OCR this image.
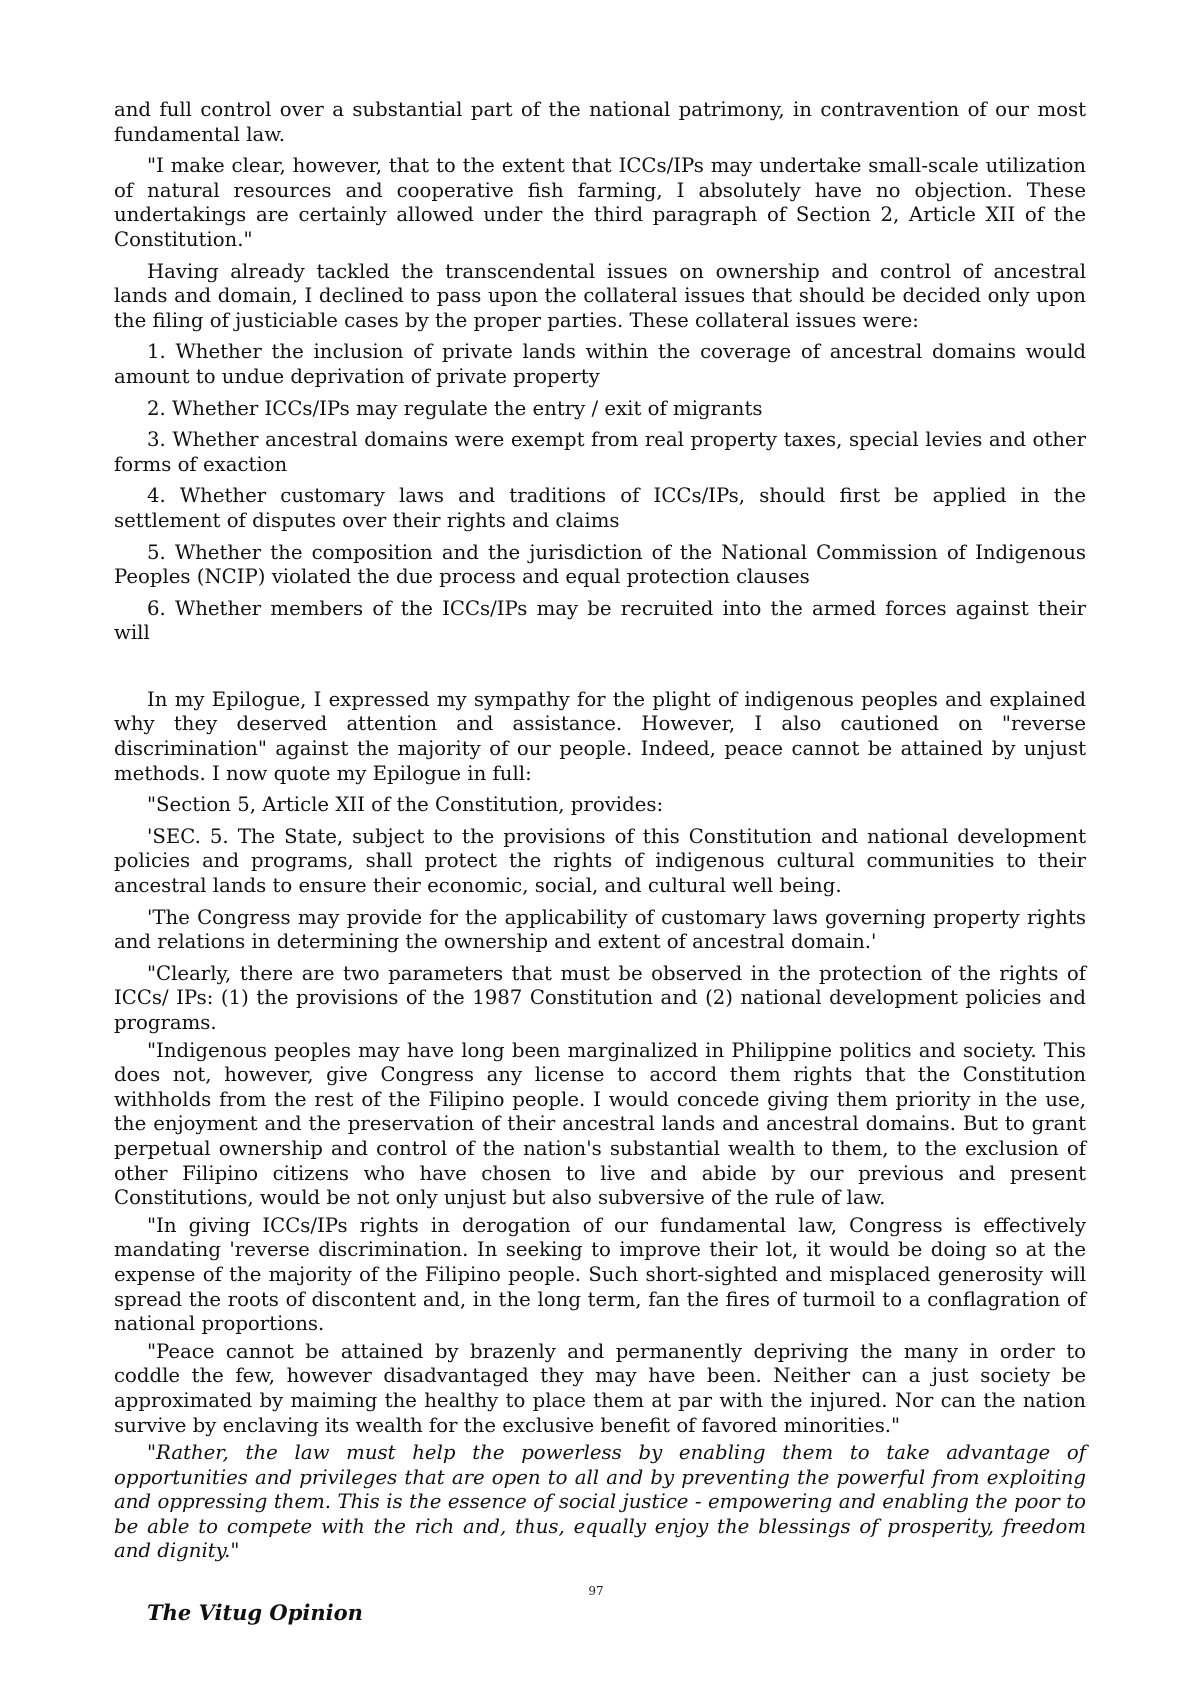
and full control over a substantial part of the national patrimony, in contravention of our most fundamental law.

"I make clear, however, that to the extent that ICCs/IPs may undertake small-scale utilization of natural resources and cooperative fish farming, I absolutely have no objection. These undertakings are certainly allowed under the third paragraph of Section 2, Article XII of the Constitution."

Having already tackled the transcendental issues on ownership and control of ancestral lands and domain, I declined to pass upon the collateral issues that should be decided only upon the filing of justiciable cases by the proper parties. These collateral issues were:

1. Whether the inclusion of private lands within the coverage of ancestral domains would amount to undue deprivation of private property

2. Whether ICCs/IPs may regulate the entry / exit of migrants

3. Whether ancestral domains were exempt from real property taxes, special levies and other forms of exaction

4. Whether customary laws and traditions of ICCs/IPs, should first be applied in the settlement of disputes over their rights and claims

5. Whether the composition and the jurisdiction of the National Commission of Indigenous Peoples (NCIP) violated the due process and equal protection clauses

6. Whether members of the ICCs/IPs may be recruited into the armed forces against their will

In my Epilogue, I expressed my sympathy for the plight of indigenous peoples and explained why they deserved attention and assistance. However, I also cautioned on "reverse discrimination" against the majority of our people. Indeed, peace cannot be attained by unjust methods. I now quote my Epilogue in full:

"Section 5, Article XII of the Constitution, provides:

'SEC. 5. The State, subject to the provisions of this Constitution and national development policies and programs, shall protect the rights of indigenous cultural communities to their ancestral lands to ensure their economic, social, and cultural well being.

'The Congress may provide for the applicability of customary laws governing property rights and relations in determining the ownership and extent of ancestral domain.'

"Clearly, there are two parameters that must be observed in the protection of the rights of ICCs/ IPs: (1) the provisions of the 1987 Constitution and (2) national development policies and programs.

"Indigenous peoples may have long been marginalized in Philippine politics and society. This does not, however, give Congress any license to accord them rights that the Constitution withholds from the rest of the Filipino people. I would concede giving them priority in the use, the enjoyment and the preservation of their ancestral lands and ancestral domains. But to grant perpetual ownership and control of the nation's substantial wealth to them, to the exclusion of other Filipino citizens who have chosen to live and abide by our previous and present Constitutions, would be not only unjust but also subversive of the rule of law.

"In giving ICCs/IPs rights in derogation of our fundamental law, Congress is effectively mandating 'reverse discrimination. In seeking to improve their lot, it would be doing so at the expense of the majority of the Filipino people. Such short-sighted and misplaced generosity will spread the roots of discontent and, in the long term, fan the fires of turmoil to a conflagration of national proportions.

"Peace cannot be attained by brazenly and permanently depriving the many in order to coddle the few, however disadvantaged they may have been. Neither can a just society be approximated by maiming the healthy to place them at par with the injured. Nor can the nation survive by enclaving its wealth for the exclusive benefit of favored minorities."

"Rather, the law must help the powerless by enabling them to take advantage of opportunities and privileges that are open to all and by preventing the powerful from exploiting and oppressing them. This is the essence of social justice - empowering and enabling the poor to be able to compete with the rich and, thus, equally enjoy the blessings of prosperity, freedom and dignity."

The Vitug Opinion
97
